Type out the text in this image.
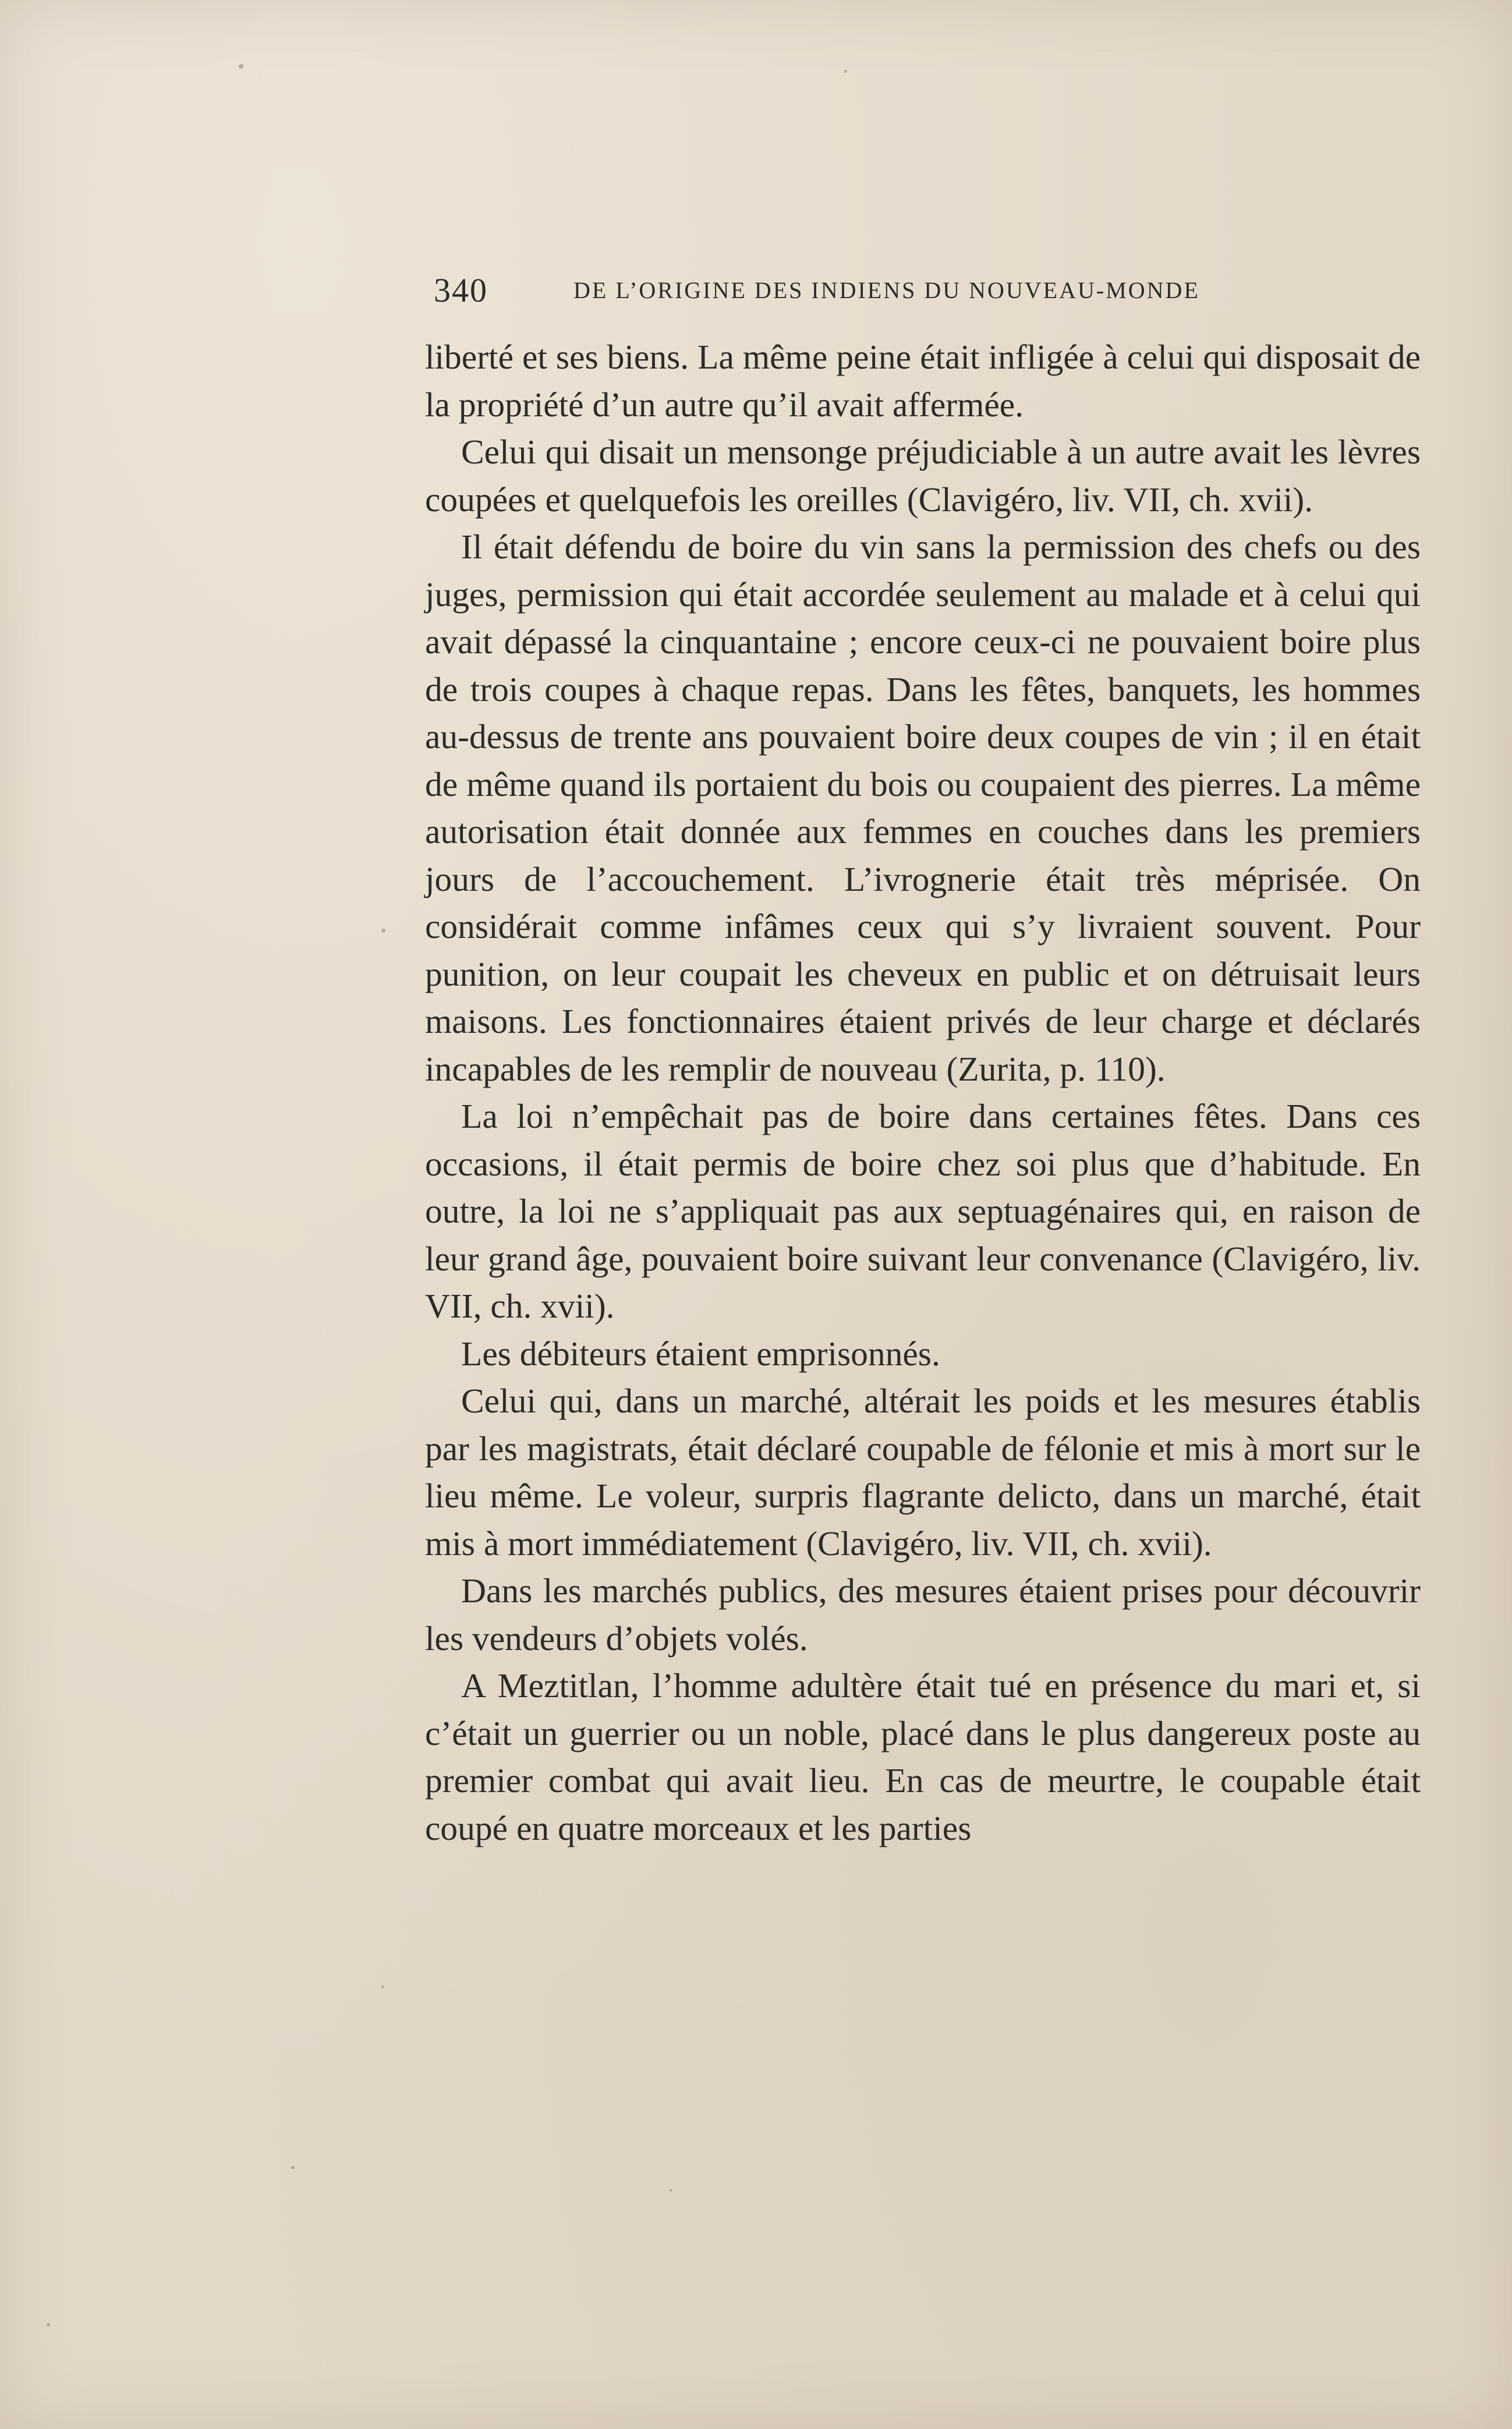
340	DE L’ORIGINE DES INDIENS DU NOUVEAU-MONDE

liberté et ses biens. La même peine était infligée à celui qui disposait de la propriété d’un autre qu’il avait affermée.

Celui qui disait un mensonge préjudiciable à un autre avait les lèvres coupées et quelquefois les oreilles (Clavigéro, liv. VII, ch. xvii).

Il était défendu de boire du vin sans la permission des chefs ou des juges, permission qui était accordée seulement au malade et à celui qui avait dépassé la cinquantaine ; encore ceux-ci ne pouvaient boire plus de trois coupes à chaque repas. Dans les fêtes, banquets, les hommes au-dessus de trente ans pouvaient boire deux coupes de vin ; il en était de même quand ils portaient du bois ou coupaient des pierres. La même autorisation était donnée aux femmes en couches dans les premiers jours de l’accouchement. L’ivrognerie était très méprisée. On considérait comme infâmes ceux qui s’y livraient souvent. Pour punition, on leur coupait les cheveux en public et on détruisait leurs maisons. Les fonctionnaires étaient privés de leur charge et déclarés incapables de les remplir de nouveau (Zurita, p. 110).

La loi n’empêchait pas de boire dans certaines fêtes. Dans ces occasions, il était permis de boire chez soi plus que d’habitude. En outre, la loi ne s’appliquait pas aux septuagénaires qui, en raison de leur grand âge, pouvaient boire suivant leur convenance (Clavigéro, liv. VII, ch. xvii).

Les débiteurs étaient emprisonnés.

Celui qui, dans un marché, altérait les poids et les mesures établis par les magistrats, était déclaré coupable de félonie et mis à mort sur le lieu même. Le voleur, surpris flagrante delicto, dans un marché, était mis à mort immédiatement (Clavigéro, liv. VII, ch. xvii).

Dans les marchés publics, des mesures étaient prises pour découvrir les vendeurs d’objets volés.

A Meztitlan, l’homme adultère était tué en présence du mari et, si c’était un guerrier ou un noble, placé dans le plus dangereux poste au premier combat qui avait lieu. En cas de meurtre, le coupable était coupé en quatre morceaux et les parties
